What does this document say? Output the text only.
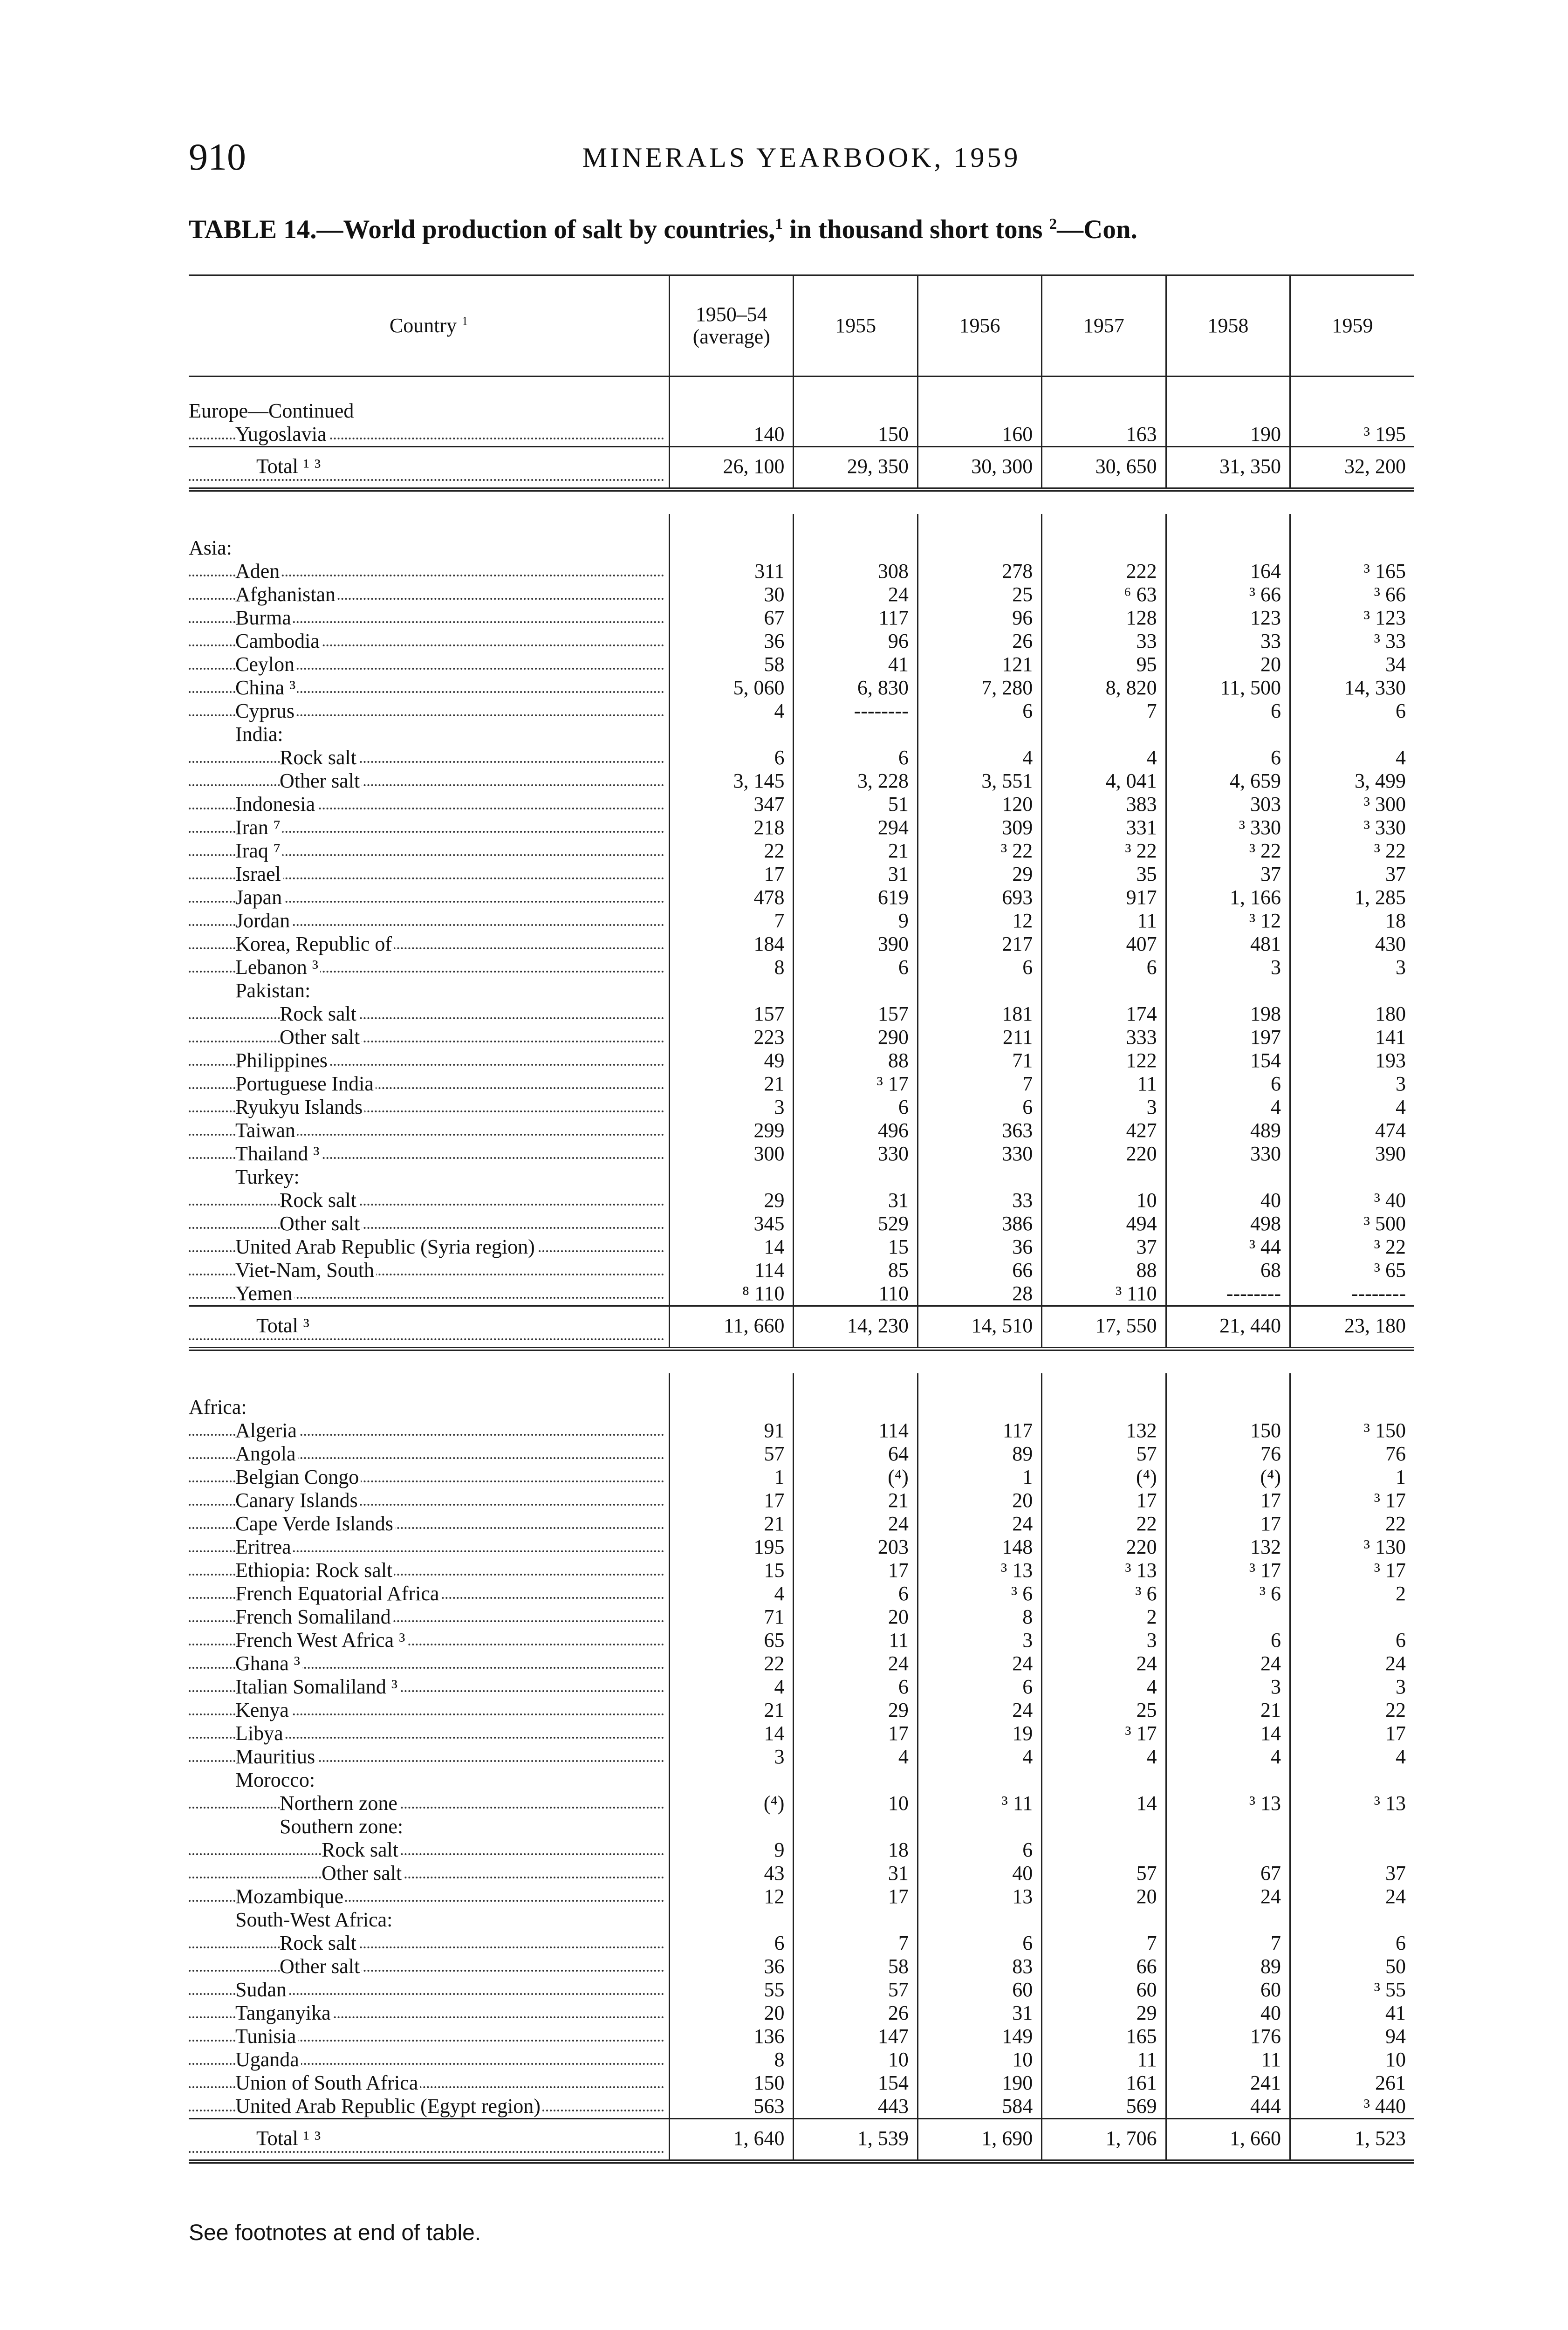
910	MINERALS YEARBOOK, 1959
TABLE 14.—World production of salt by countries,$^1$ in thousand short tons $^2$—Con.
Country $^1$	1950–54 (average)	1955	1956	1957	1958	1959

Europe—Continued						
Yugoslavia	140	150	160	163	190	³ 195
Total ¹ ³	26, 100	29, 350	30, 300	30, 650	31, 350	32, 200

Asia:						
Aden	311	308	278	222	164	³ 165
Afghanistan	30	24	25	⁶ 63	³ 66	³ 66
Burma	67	117	96	128	123	³ 123
Cambodia	36	96	26	33	33	³ 33
Ceylon	58	41	121	95	20	34
China ³	5, 060	6, 830	7, 280	8, 820	11, 500	14, 330
Cyprus	4	--------	6	7	6	6
India:						
Rock salt	6	6	4	4	6	4
Other salt	3, 145	3, 228	3, 551	4, 041	4, 659	3, 499
Indonesia	347	51	120	383	303	³ 300
Iran ⁷	218	294	309	331	³ 330	³ 330
Iraq ⁷	22	21	³ 22	³ 22	³ 22	³ 22
Israel	17	31	29	35	37	37
Japan	478	619	693	917	1, 166	1, 285
Jordan	7	9	12	11	³ 12	18
Korea, Republic of	184	390	217	407	481	430
Lebanon ³	8	6	6	6	3	3
Pakistan:						
Rock salt	157	157	181	174	198	180
Other salt	223	290	211	333	197	141
Philippines	49	88	71	122	154	193
Portuguese India	21	³ 17	7	11	6	3
Ryukyu Islands	3	6	6	3	4	4
Taiwan	299	496	363	427	489	474
Thailand ³	300	330	330	220	330	390
Turkey:						
Rock salt	29	31	33	10	40	³ 40
Other salt	345	529	386	494	498	³ 500
United Arab Republic (Syria region)	14	15	36	37	³ 44	³ 22
Viet-Nam, South	114	85	66	88	68	³ 65
Yemen	⁸ 110	110	28	³ 110	--------	--------
Total ³	11, 660	14, 230	14, 510	17, 550	21, 440	23, 180

Africa:						
Algeria	91	114	117	132	150	³ 150
Angola	57	64	89	57	76	76
Belgian Congo	1	(⁴)	1	(⁴)	(⁴)	1
Canary Islands	17	21	20	17	17	³ 17
Cape Verde Islands	21	24	24	22	17	22
Eritrea	195	203	148	220	132	³ 130
Ethiopia: Rock salt	15	17	³ 13	³ 13	³ 17	³ 17
French Equatorial Africa	4	6	³ 6	³ 6	³ 6	2
French Somaliland	71	20	8	2		
French West Africa ³	65	11	3	3	6	6
Ghana ³	22	24	24	24	24	24
Italian Somaliland ³	4	6	6	4	3	3
Kenya	21	29	24	25	21	22
Libya	14	17	19	³ 17	14	17
Mauritius	3	4	4	4	4	4
Morocco:						
Northern zone	(⁴)	10	³ 11	14	³ 13	³ 13
Southern zone:						
Rock salt	9	18	6			
Other salt	43	31	40	57	67	37
Mozambique	12	17	13	20	24	24
South-West Africa:						
Rock salt	6	7	6	7	7	6
Other salt	36	58	83	66	89	50
Sudan	55	57	60	60	60	³ 55
Tanganyika	20	26	31	29	40	41
Tunisia	136	147	149	165	176	94
Uganda	8	10	10	11	11	10
Union of South Africa	150	154	190	161	241	261
United Arab Republic (Egypt region)	563	443	584	569	444	³ 440
Total ¹ ³	1, 640	1, 539	1, 690	1, 706	1, 660	1, 523

See footnotes at end of table.
